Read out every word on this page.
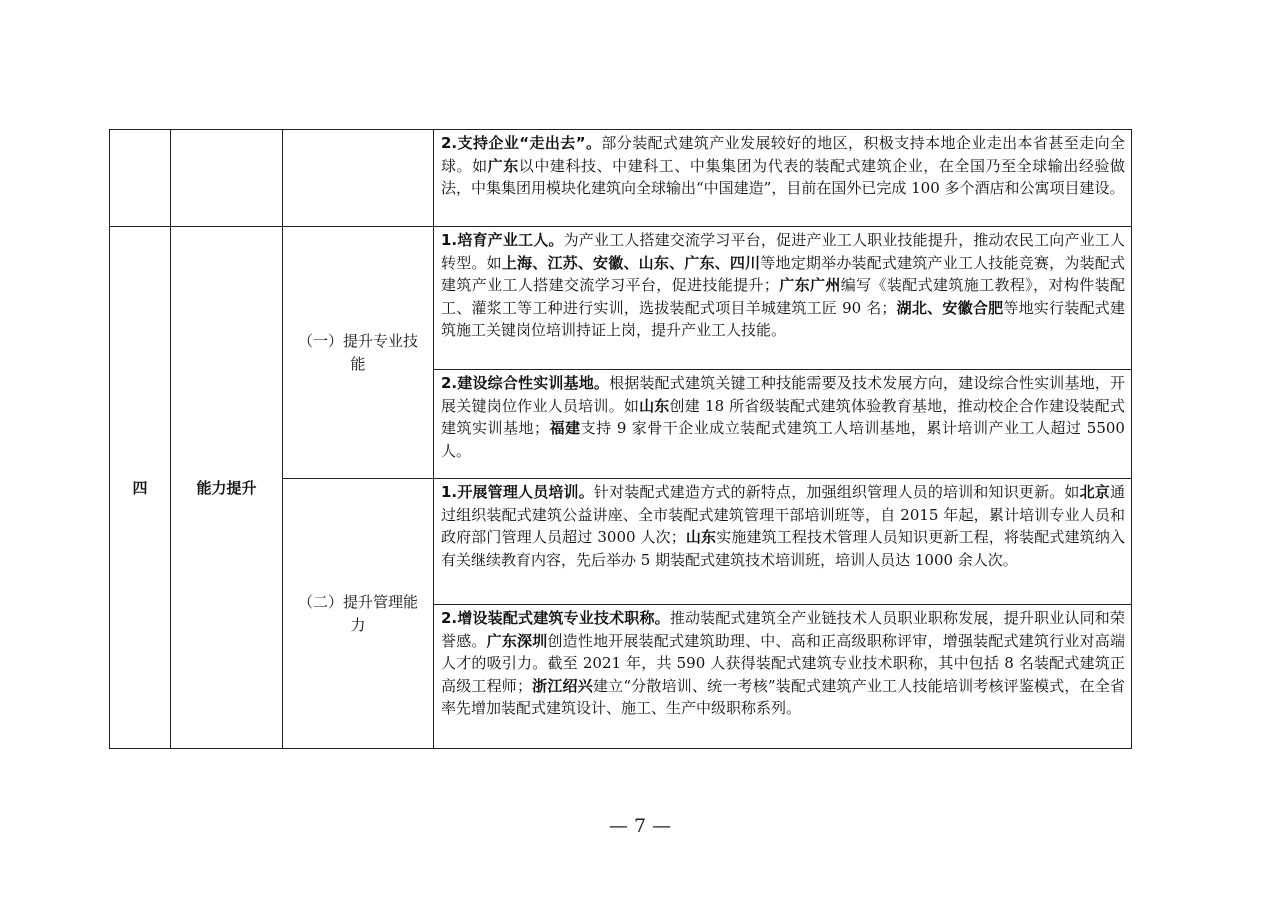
			2.支持企业“走出去”。部分装配式建筑产业发展较好的地区，积极支持本地企业走出本省甚至走向全球。如广东以中建科技、中建科工、中集集团为代表的装配式建筑企业，在全国乃至全球输出经验做法，中集集团用模块化建筑向全球输出“中国建造”，目前在国外已完成 100 多个酒店和公寓项目建设。

四	能力提升	（一）提升专业技能	1.培育产业工人。为产业工人搭建交流学习平台，促进产业工人职业技能提升，推动农民工向产业工人转型。如上海、江苏、安徽、山东、广东、四川等地定期举办装配式建筑产业工人技能竞赛，为装配式建筑产业工人搭建交流学习平台，促进技能提升；广东广州编写《装配式建筑施工教程》，对构件装配工、灌浆工等工种进行实训，选拔装配式项目羊城建筑工匠 90 名；湖北、安徽合肥等地实行装配式建筑施工关键岗位培训持证上岗，提升产业工人技能。

			2.建设综合性实训基地。根据装配式建筑关键工种技能需要及技术发展方向，建设综合性实训基地，开展关键岗位作业人员培训。如山东创建 18 所省级装配式建筑体验教育基地，推动校企合作建设装配式建筑实训基地；福建支持 9 家骨干企业成立装配式建筑工人培训基地，累计培训产业工人超过 5500 人。

		（二）提升管理能力	1.开展管理人员培训。针对装配式建造方式的新特点，加强组织管理人员的培训和知识更新。如北京通过组织装配式建筑公益讲座、全市装配式建筑管理干部培训班等，自 2015 年起，累计培训专业人员和政府部门管理人员超过 3000 人次；山东实施建筑工程技术管理人员知识更新工程，将装配式建筑纳入有关继续教育内容，先后举办 5 期装配式建筑技术培训班，培训人员达 1000 余人次。

			2.增设装配式建筑专业技术职称。推动装配式建筑全产业链技术人员职业职称发展，提升职业认同和荣誉感。广东深圳创造性地开展装配式建筑助理、中、高和正高级职称评审，增强装配式建筑行业对高端人才的吸引力。截至 2021 年，共 590 人获得装配式建筑专业技术职称，其中包括 8 名装配式建筑正高级工程师；浙江绍兴建立“分散培训、统一考核”装配式建筑产业工人技能培训考核评鉴模式，在全省率先增加装配式建筑设计、施工、生产中级职称系列。
— 7 —
